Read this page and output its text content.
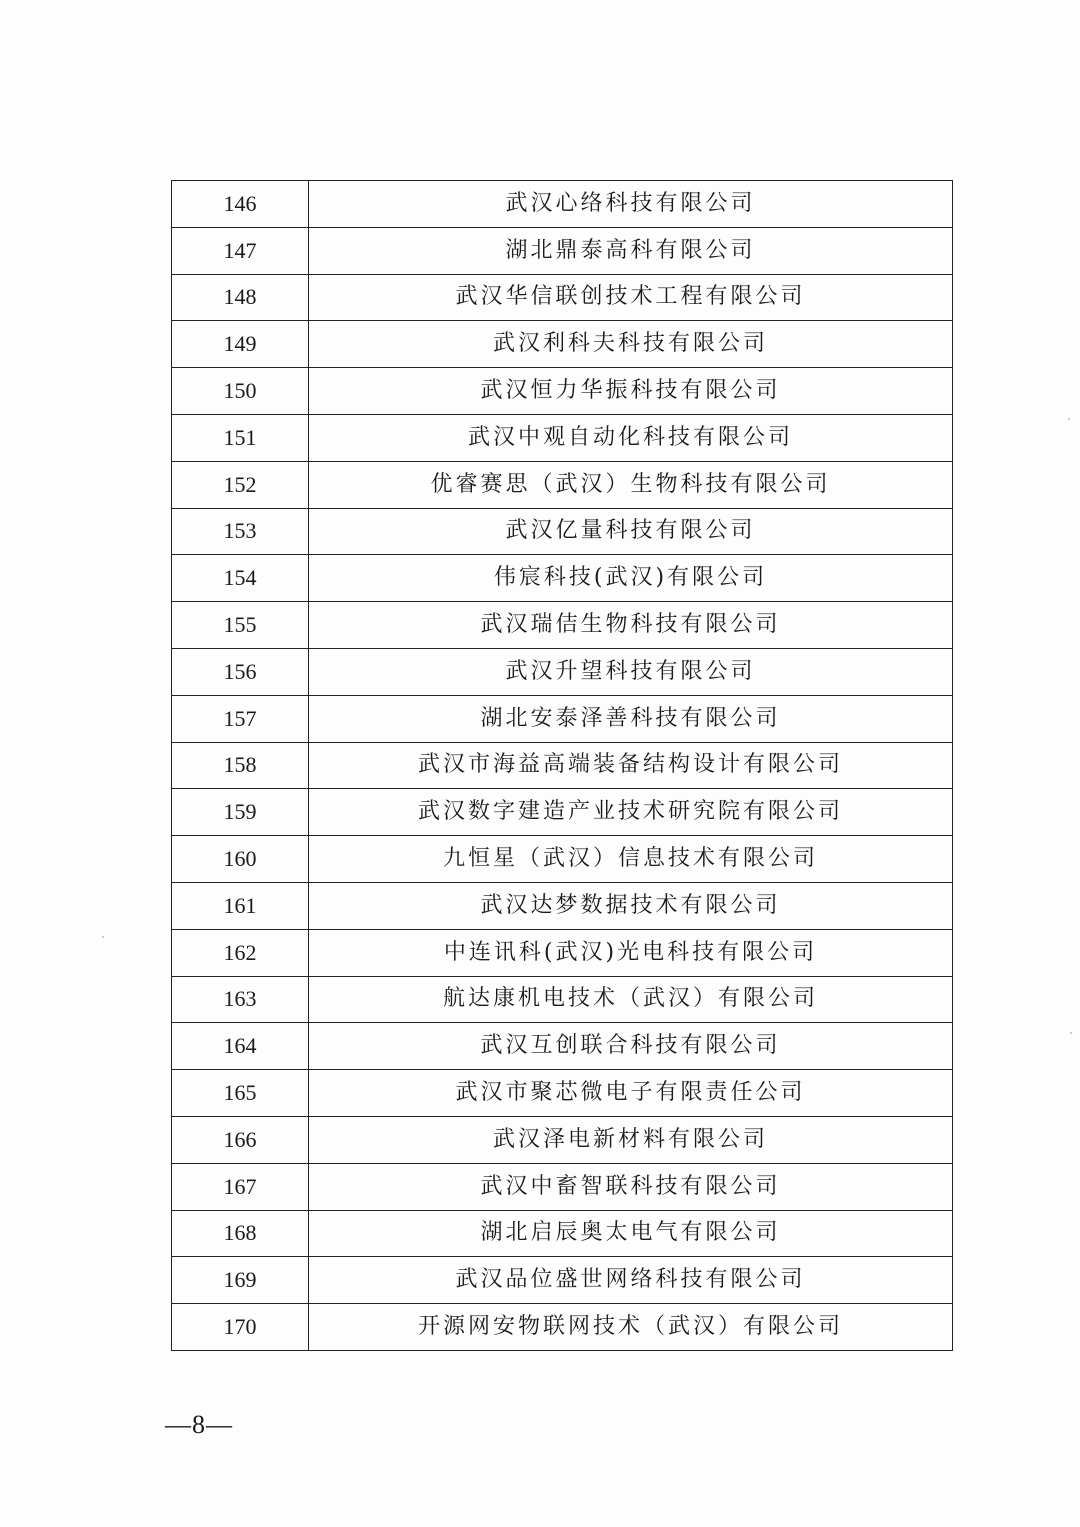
146	武汉心络科技有限公司
147	湖北鼎泰高科有限公司
148	武汉华信联创技术工程有限公司
149	武汉利科夫科技有限公司
150	武汉恒力华振科技有限公司
151	武汉中观自动化科技有限公司
152	优睿赛思（武汉）生物科技有限公司
153	武汉亿量科技有限公司
154	伟宸科技(武汉)有限公司
155	武汉瑞佶生物科技有限公司
156	武汉升望科技有限公司
157	湖北安泰泽善科技有限公司
158	武汉市海益高端装备结构设计有限公司
159	武汉数字建造产业技术研究院有限公司
160	九恒星（武汉）信息技术有限公司
161	武汉达梦数据技术有限公司
162	中连讯科(武汉)光电科技有限公司
163	航达康机电技术（武汉）有限公司
164	武汉互创联合科技有限公司
165	武汉市聚芯微电子有限责任公司
166	武汉泽电新材料有限公司
167	武汉中畜智联科技有限公司
168	湖北启辰奥太电气有限公司
169	武汉品位盛世网络科技有限公司
170	开源网安物联网技术（武汉）有限公司
—8—
